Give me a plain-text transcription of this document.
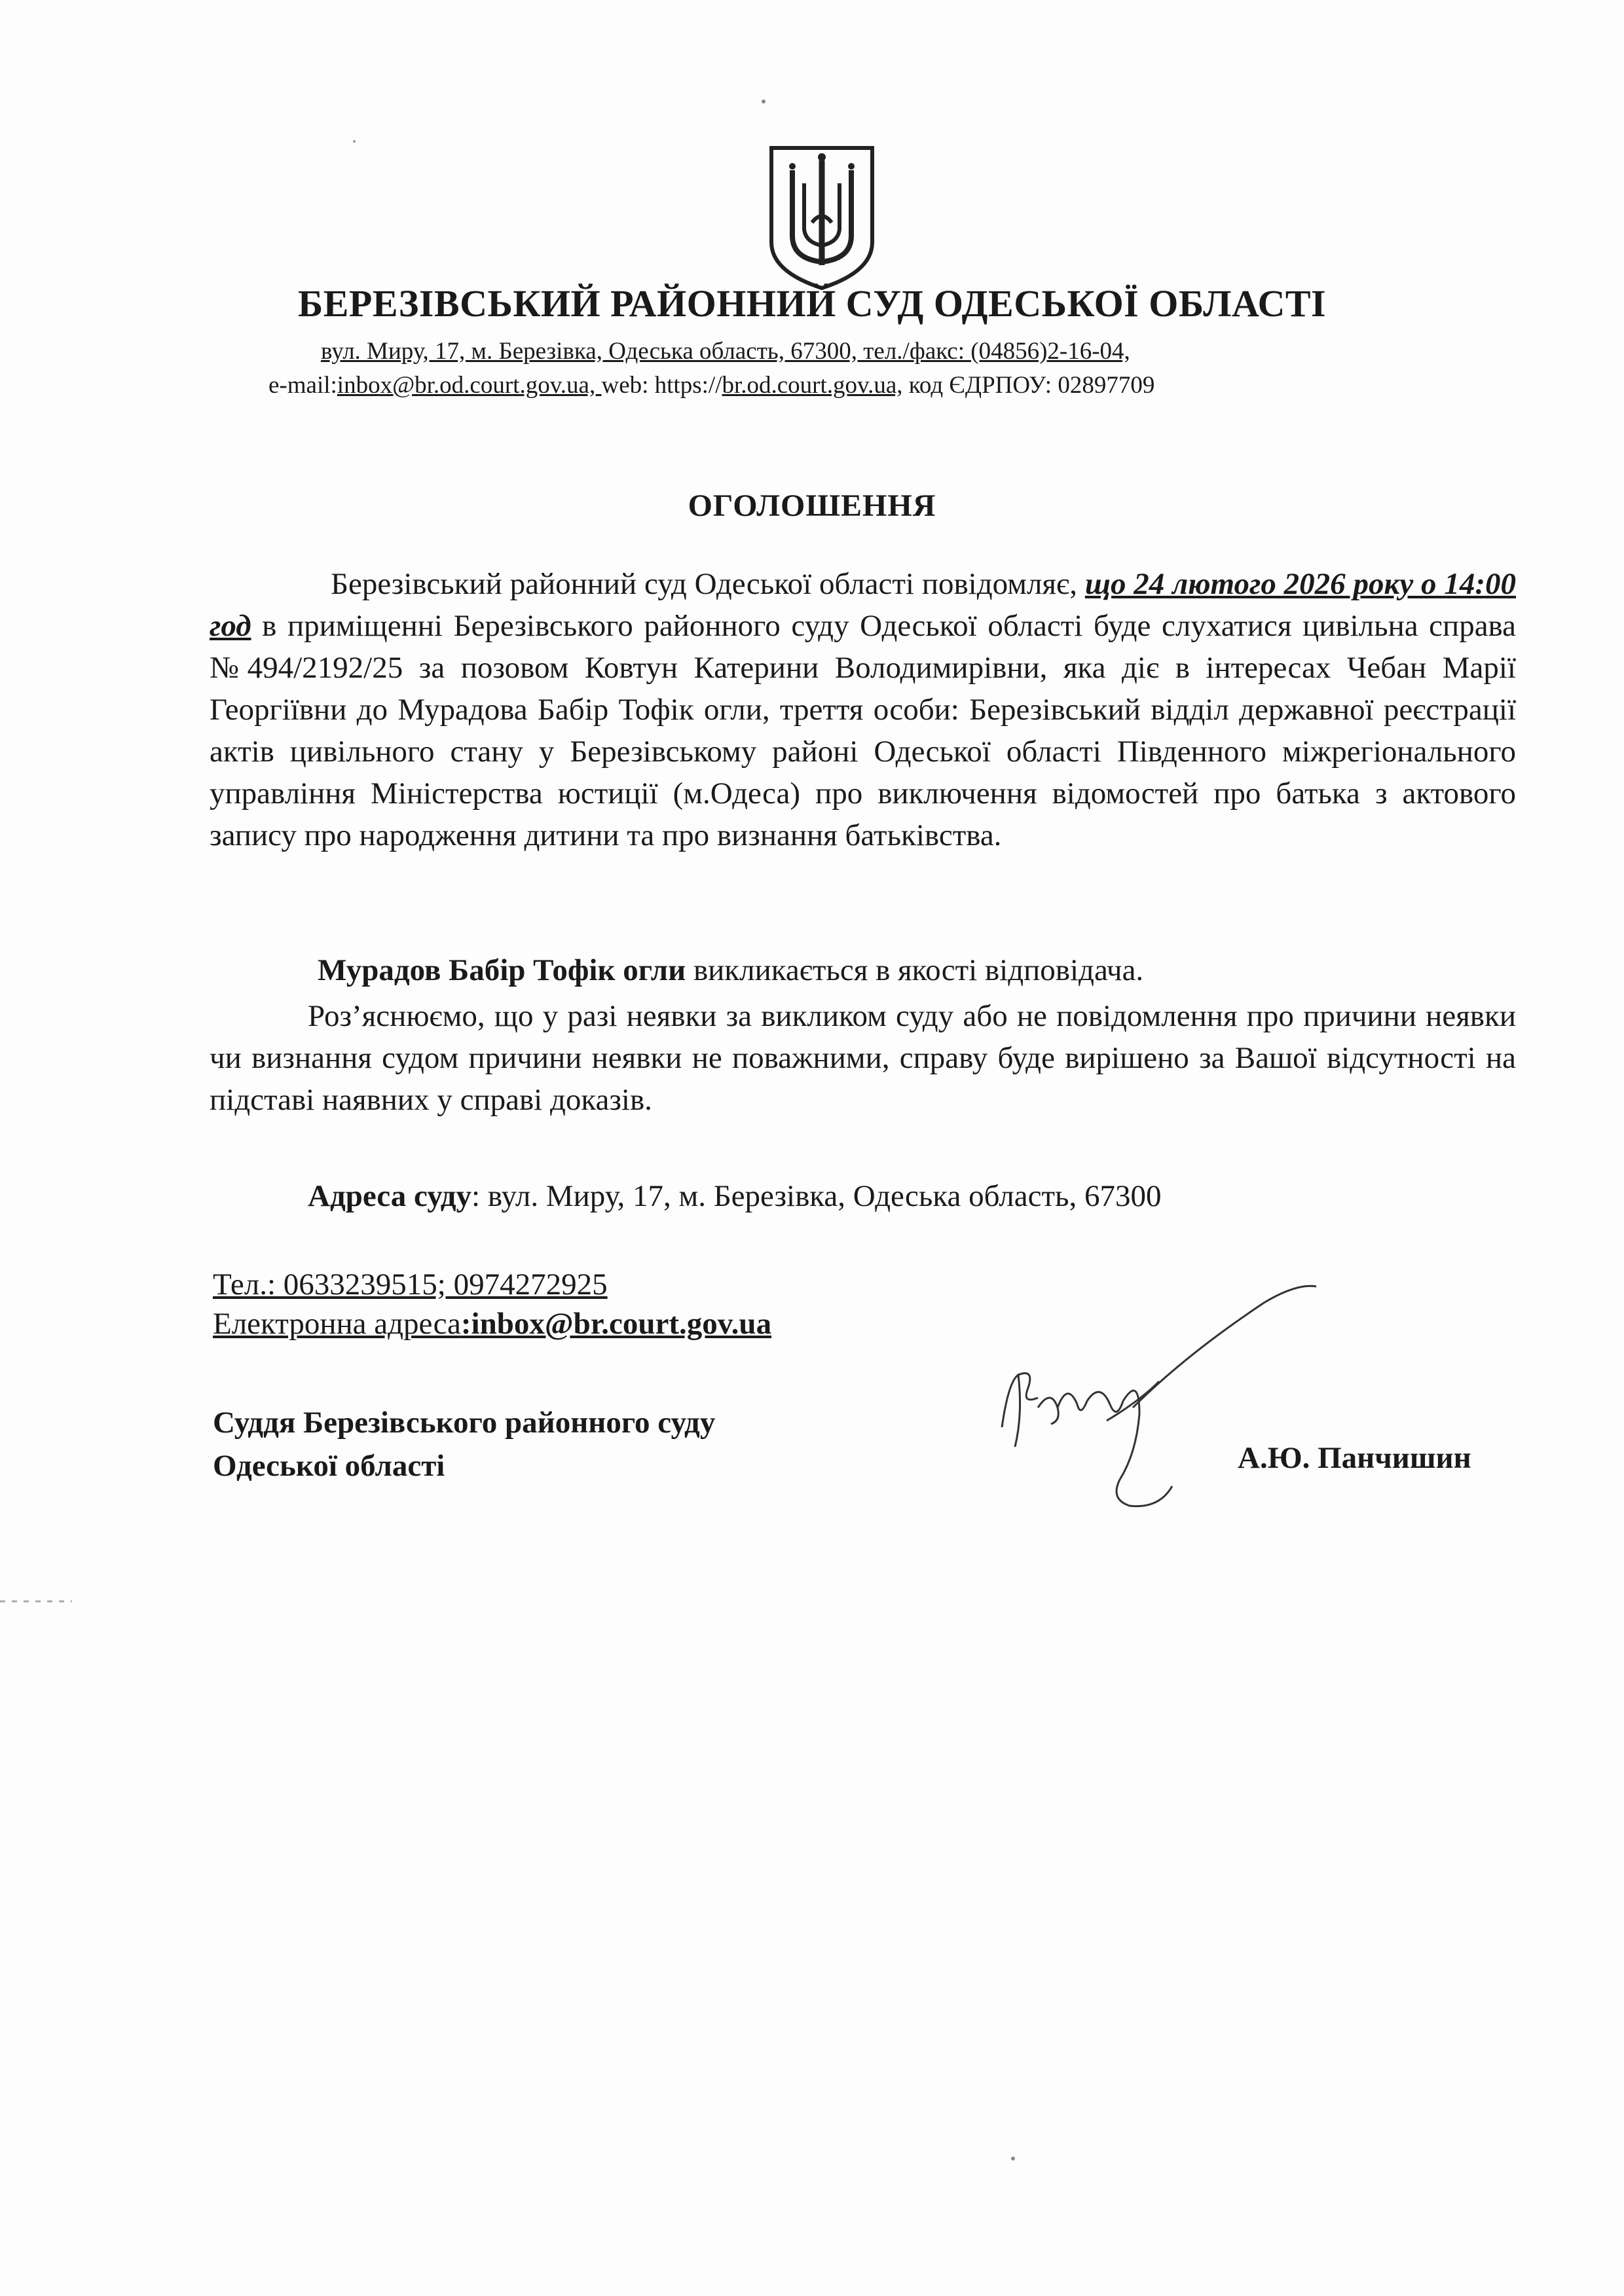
БЕРЕЗІВСЬКИЙ РАЙОННИЙ СУД ОДЕСЬКОЇ ОБЛАСТІ
вул. Миру, 17, м. Березівка, Одеська область, 67300, тел./факс: (04856)2-16-04,
e-mail:inbox@br.od.court.gov.ua, web: https://br.od.court.gov.ua, код ЄДРПОУ: 02897709
ОГОЛОШЕННЯ
Березівський районний суд Одеської області повідомляє, що 24 лютого 2026 року о 14:00 год в приміщенні Березівського районного суду Одеської області буде слухатися цивільна справа №494/2192/25 за позовом Ковтун Катерини Володимирівни, яка діє в інтересах Чебан Марії Георгіївни до Мурадова Бабір Тофік огли, треття особи: Березівський відділ державної реєстрації актів цивільного стану у Березівському районі Одеської області Південного міжрегіонального управління Міністерства юстиції (м.Одеса) про виключення відомостей про батька з актового запису про народження дитини та про визнання батьківства.
Мурадов Бабір Тофік огли викликається в якості відповідача.
Роз’яснюємо, що у разі неявки за викликом суду або не повідомлення про причини неявки чи визнання судом причини неявки не поважними, справу буде вирішено за Вашої відсутності на підставі наявних у справі доказів.
Адреса суду: вул. Миру, 17, м. Березівка, Одеська область, 67300
Тел.: 0633239515; 0974272925
Електронна адреса:inbox@br.court.gov.ua
Суддя Березівського районного суду
Одеської області	А.Ю. Панчишин
